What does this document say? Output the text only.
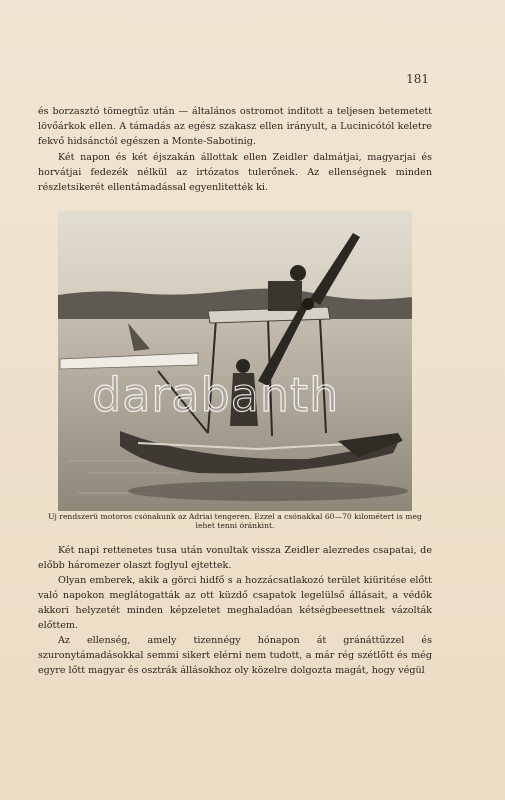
181

és borzasztó tömegtűz után — általános ostromot inditott a teljesen betemetett lövőárkok ellen. A támadás az egész szakasz ellen irányult, a Lucinicótól keletre fekvő hidsánctól egészen a Monte-Sabotinig.

Két napon és két éjszakán állottak ellen Zeidler dalmátjai, magyarjai és horvátjai fedezék nélkül az irtózatos tulerőnek. Az ellenségnek minden részletsikerét ellentámadással egyenlitették ki.

Uj rendszerü motoros csónakunk az Adriai tengeren. Ezzel a csónakkal 60—70 kilométert is meg lehet tenni óránkint.

Két napi rettenetes tusa után vonultak vissza Zeidler alezredes csapatai, de előbb háromezer olaszt foglyul ejtettek.

Olyan emberek, akik a görci hidfő s a hozzácsatlakozó terület kiüritése előtt való napokon meglátogatták az ott küzdő csapatok legelülső állásait, a védők akkori helyzetét minden képzeletet meghaladóan kétségbeesettnek vázolták előttem.

Az ellenség, amely tizennégy hónapon át gránáttűzzel és szuronytámadásokkal semmi sikert elérni nem tudott, a már rég szétlőtt és még egyre lőtt magyar és osztrák állásokhoz oly közelre dolgozta magát, hogy végül
